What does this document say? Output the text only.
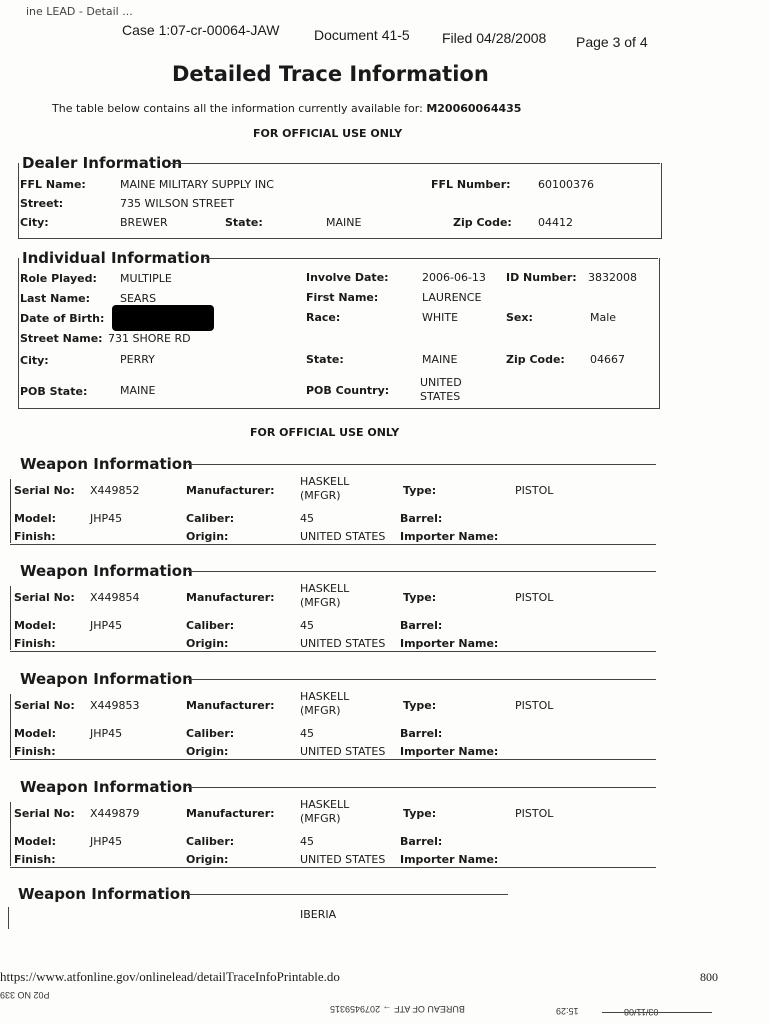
ine LEAD - Detail ...
Case 1:07-cr-00064-JAW Document 41-5 Filed 04/28/2008 Page 3 of 4
Detailed Trace Information
The table below contains all the information currently available for: M20060064435
FOR OFFICIAL USE ONLY
Dealer Information
FFL Name:	MAINE MILITARY SUPPLY INC	FFL Number: 60100376
Street:	735 WILSON STREET
City:	BREWER	State:	MAINE	Zip Code: 04412
Individual Information
Role Played: MULTIPLE	Involve Date:	2006-06-13 ID Number: 3832008
Last Name:	SEARS	First Name:	LAURENCE
Date of Birth:	Race:	WHITE	Sex:	Male
Street Name: 731 SHORE RD
City:	PERRY	State:	MAINE	Zip Code: 04667
POB State:	MAINE	POB Country:
UNITED
STATES
FOR OFFICIAL USE ONLY
Weapon Information
Serial No: X449852	Manufacturer:
HASKELL
(MFGR)	Type:	PISTOL
Model:	JHP45	Caliber:	45	Barrel:
Finish:	Origin:	UNITED STATES Importer Name:
Weapon Information
Serial No: X449854	Manufacturer:
HASKELL
(MFGR)	Type:	PISTOL
Model:	JHP45	Caliber:	45	Barrel:
Finish:	Origin:	UNITED STATES Importer Name:
Weapon Information
Serial No: X449853	Manufacturer:
HASKELL
(MFGR)	Type:	PISTOL
Model:	JHP45	Caliber:	45	Barrel:
Finish:	Origin:	UNITED STATES Importer Name:
Weapon Information
Serial No: X449879	Manufacturer:
HASKELL
(MFGR)	Type:	PISTOL
Model:	JHP45	Caliber:	45	Barrel:
Finish:	Origin:	UNITED STATES Importer Name:
Weapon Information
IBERIA
https://www.atfonline.gov/onlinelead/detailTraceInfoPrintable.do	800
P02 NO 339
BUREAU OF ATF → 2079459315	15:29	03/11/08
